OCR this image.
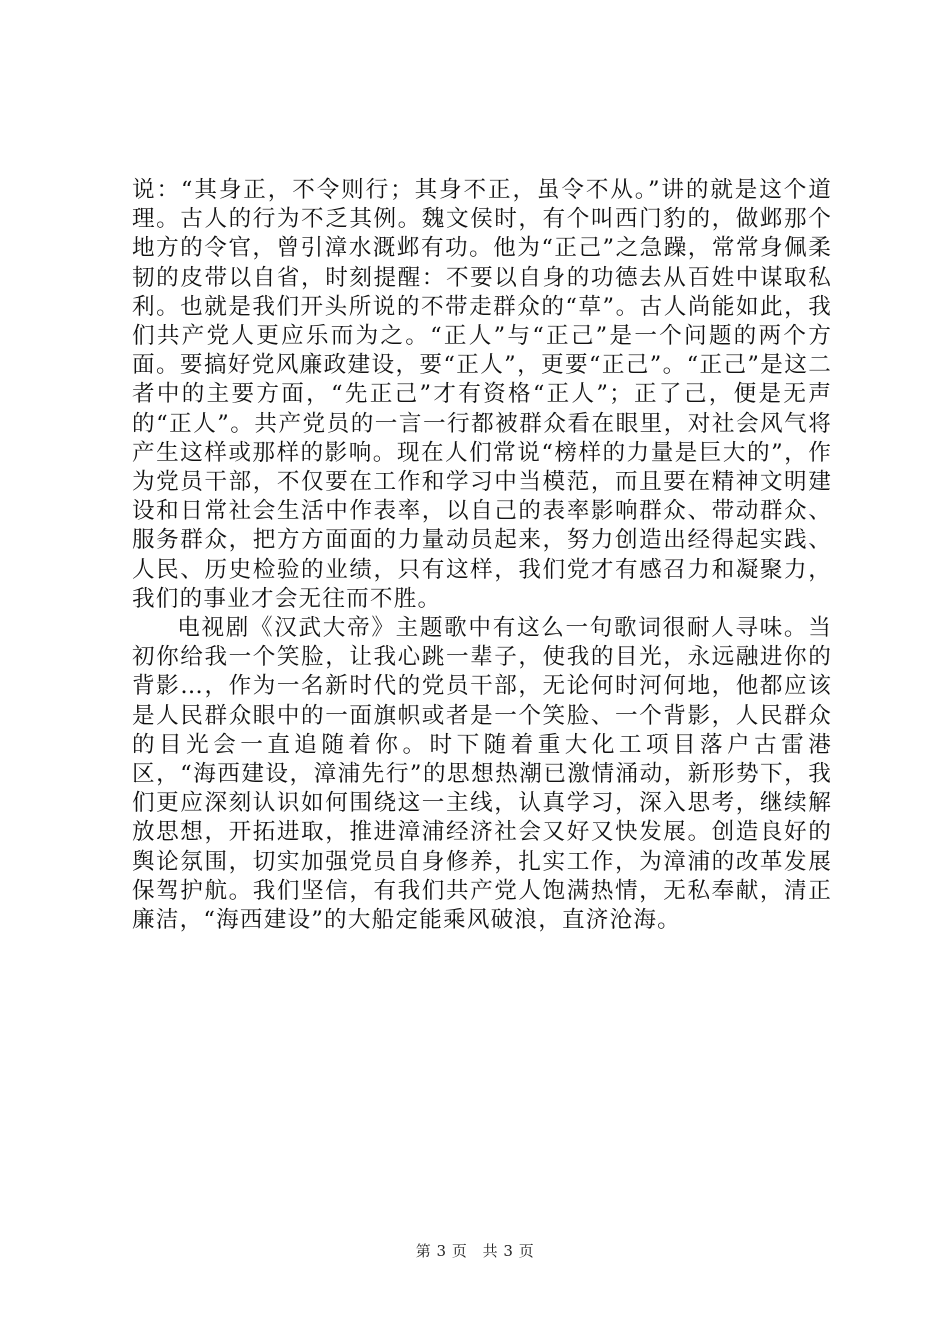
说：“其身正，不令则行；其身不正，虽令不从。”讲的就是这个道理。古人的行为不乏其例。魏文侯时，有个叫西门豹的，做邺那个地方的令官，曾引漳水溉邺有功。他为“正己”之急躁，常常身佩柔韧的皮带以自省，时刻提醒：不要以自身的功德去从百姓中谋取私利。也就是我们开头所说的不带走群众的“草”。古人尚能如此，我们共产党人更应乐而为之。“正人”与“正己”是一个问题的两个方面。要搞好党风廉政建设，要“正人”，更要“正己”。“正己”是这二者中的主要方面，“先正己”才有资格“正人”；正了己，便是无声的“正人”。共产党员的一言一行都被群众看在眼里，对社会风气将产生这样或那样的影响。现在人们常说“榜样的力量是巨大的”，作为党员干部，不仅要在工作和学习中当模范，而且要在精神文明建设和日常社会生活中作表率，以自己的表率影响群众、带动群众、服务群众，把方方面面的力量动员起来，努力创造出经得起实践、人民、历史检验的业绩，只有这样，我们党才有感召力和凝聚力，我们的事业才会无往而不胜。

电视剧《汉武大帝》主题歌中有这么一句歌词很耐人寻味。当初你给我一个笑脸，让我心跳一辈子，使我的目光，永远融进你的背影…，作为一名新时代的党员干部，无论何时河何地，他都应该是人民群众眼中的一面旗帜或者是一个笑脸、一个背影，人民群众的目光会一直追随着你。时下随着重大化工项目落户古雷港区，“海西建设，漳浦先行”的思想热潮已激情涌动，新形势下，我们更应深刻认识如何围绕这一主线，认真学习，深入思考，继续解放思想，开拓进取，推进漳浦经济社会又好又快发展。创造良好的舆论氛围，切实加强党员自身修养，扎实工作，为漳浦的改革发展保驾护航。我们坚信，有我们共产党人饱满热情，无私奉献，清正廉洁，“海西建设”的大船定能乘风破浪，直济沧海。

第 3 页 共 3 页
